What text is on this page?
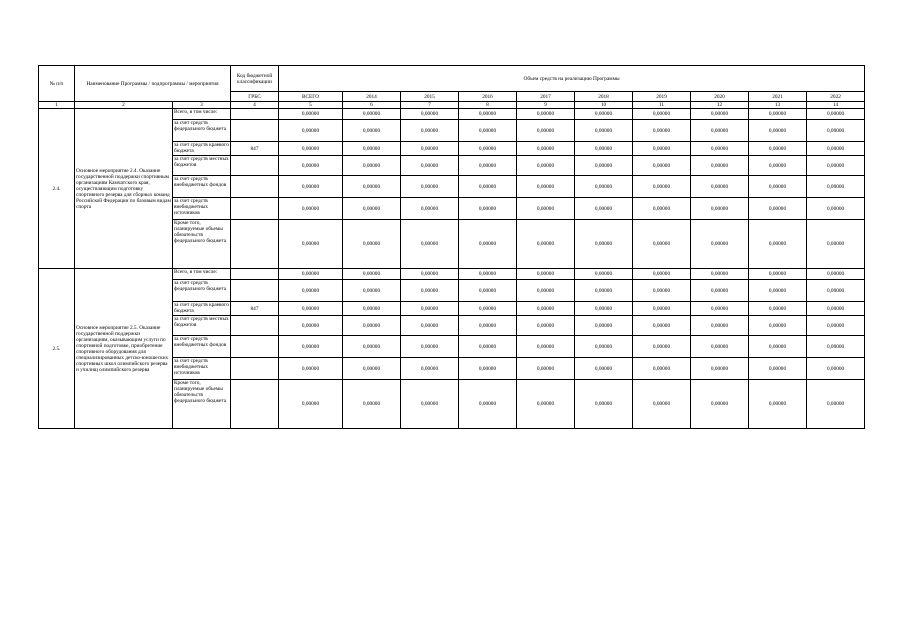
№ п/п	Наименование Программы / подпрограммы / мероприятия		Код бюджетной классификации	Объем средств на реализацию Программы									
			ГРБС	ВСЕГО	2014	2015	2016	2017	2018	2019	2020	2021	2022
1	2	3	4	5	6	7	8	9	10	11	12	13	14
2.4.	Основное мероприятие 2.4. Оказание государственной поддержки спортивным организациям Камчатского края, осуществляющим подготовку спортивного резерва для сборных команд Российской Федерации по базовым видам спорта	Всего, в том числе:		0,00000	0,00000	0,00000	0,00000	0,00000	0,00000	0,00000	0,00000	0,00000	0,00000
		за счет средств федерального бюджета		0,00000	0,00000	0,00000	0,00000	0,00000	0,00000	0,00000	0,00000	0,00000	0,00000
		за счет средств краевого бюджета	847	0,00000	0,00000	0,00000	0,00000	0,00000	0,00000	0,00000	0,00000	0,00000	0,00000
		за счет средств местных бюджетов		0,00000	0,00000	0,00000	0,00000	0,00000	0,00000	0,00000	0,00000	0,00000	0,00000
		за счет средств внебюджетных фондов		0,00000	0,00000	0,00000	0,00000	0,00000	0,00000	0,00000	0,00000	0,00000	0,00000
		за счет средств внебюджетных источников		0,00000	0,00000	0,00000	0,00000	0,00000	0,00000	0,00000	0,00000	0,00000	0,00000
		Кроме того, планируемые объемы обязательств федерального бюджета		0,00000	0,00000	0,00000	0,00000	0,00000	0,00000	0,00000	0,00000	0,00000	0,00000
2.5.	Основное мероприятие 2.5. Оказание государственной поддержки организациям, оказывающим услуги по спортивной подготовке, приобретение спортивного оборудования для специализированных детско-юношеских спортивных школ олимпийского резерва и училищ олимпийского резерва	Всего, в том числе:		0,00000	0,00000	0,00000	0,00000	0,00000	0,00000	0,00000	0,00000	0,00000	0,00000
		за счет средств федерального бюджета		0,00000	0,00000	0,00000	0,00000	0,00000	0,00000	0,00000	0,00000	0,00000	0,00000
		за счет средств краевого бюджета	847	0,00000	0,00000	0,00000	0,00000	0,00000	0,00000	0,00000	0,00000	0,00000	0,00000
		за счет средств местных бюджетов		0,00000	0,00000	0,00000	0,00000	0,00000	0,00000	0,00000	0,00000	0,00000	0,00000
		за счет средств внебюджетных фондов		0,00000	0,00000	0,00000	0,00000	0,00000	0,00000	0,00000	0,00000	0,00000	0,00000
		за счет средств внебюджетных источников		0,00000	0,00000	0,00000	0,00000	0,00000	0,00000	0,00000	0,00000	0,00000	0,00000
		Кроме того, планируемые объемы обязательств федерального бюджета		0,00000	0,00000	0,00000	0,00000	0,00000	0,00000	0,00000	0,00000	0,00000	0,00000
